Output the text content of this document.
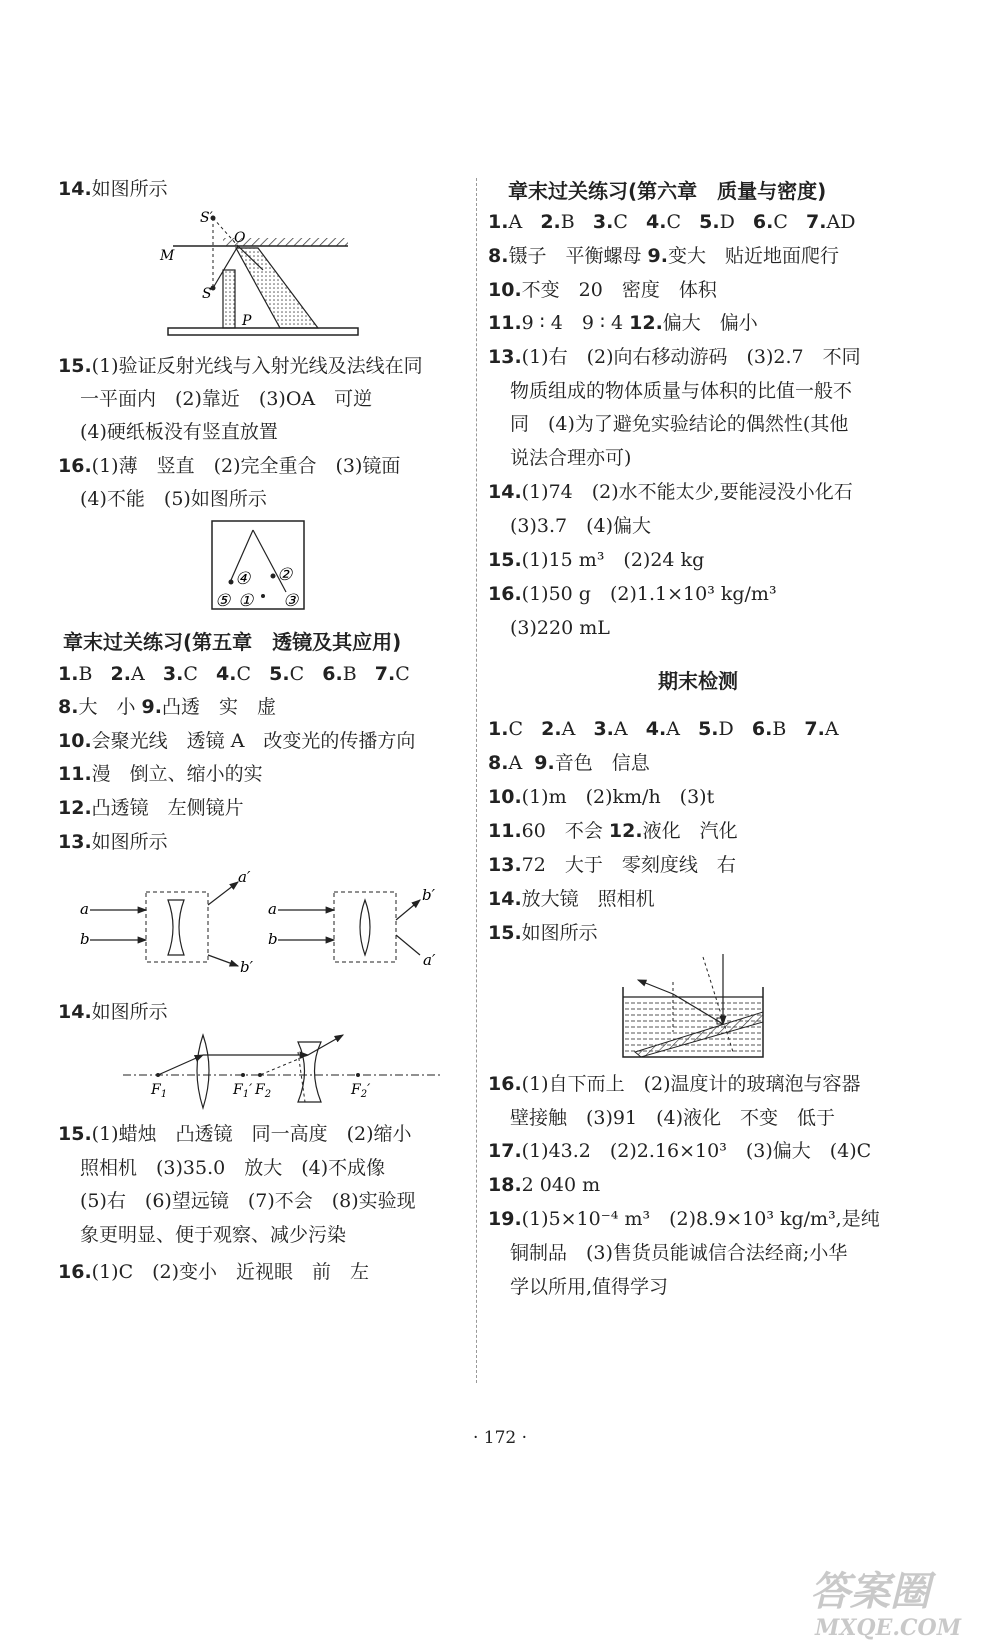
14.如图所示
S′
O
M
S
P
15.(1)验证反射光线与入射光线及法线在同
一平面内　(2)靠近　(3)OA　可逆
(4)硬纸板没有竖直放置
16.(1)薄　竖直　(2)完全重合　(3)镜面
(4)不能　(5)如图所示
④ ②
⑤ ① ③
章末过关练习(第五章　透镜及其应用)
1.B 2.A 3.C 4.C 5.C 6.B 7.C
8.大　小 9.凸透　实　虚
10.会聚光线　透镜 A　改变光的传播方向
11.漫　倒立、缩小的实
12.凸透镜　左侧镜片
13.如图所示
a
b
a′
b′
a
b
b′
a′
14.如图所示
$F_1$	$F_1'$ $F_2$	$F_2'$
15.(1)蜡烛　凸透镜　同一高度　(2)缩小
照相机　(3)35.0　放大　(4)不成像
(5)右　(6)望远镜　(7)不会　(8)实验现
象更明显、便于观察、减少污染
16.(1)C　(2)变小　近视眼　前　左
章末过关练习(第六章　质量与密度)
1.A 2.B 3.C 4.C 5.D 6.C 7.AD
8.镊子　平衡螺母 9.变大　贴近地面爬行
10.不变　20　密度　体积
11.9 ∶ 4　9 ∶ 4 12.偏大　偏小
13.(1)右　(2)向右移动游码　(3)2.7　不同
物质组成的物体质量与体积的比值一般不
同　(4)为了避免实验结论的偶然性(其他
说法合理亦可)
14.(1)74　(2)水不能太少,要能浸没小化石
(3)3.7　(4)偏大
15.(1)15 m³　(2)24 kg
16.(1)50 g　(2)1.1×10³ kg/m³
(3)220 mL
期末检测
1.C 2.A 3.A 4.A 5.D 6.B 7.A
8.A 9.音色　信息
10.(1)m　(2)km/h　(3)t
11.60　不会 12.液化　汽化
13.72　大于　零刻度线　右
14.放大镜　照相机
15.如图所示
16.(1)自下而上　(2)温度计的玻璃泡与容器
壁接触　(3)91　(4)液化　不变　低于
17.(1)43.2　(2)2.16×10³　(3)偏大　(4)C
18.2 040 m
19.(1)5×10⁻⁴ m³　(2)8.9×10³ kg/m³,是纯
铜制品　(3)售货员能诚信合法经商;小华
学以所用,值得学习
· 172 ·
答案圈
MXQE.COM
